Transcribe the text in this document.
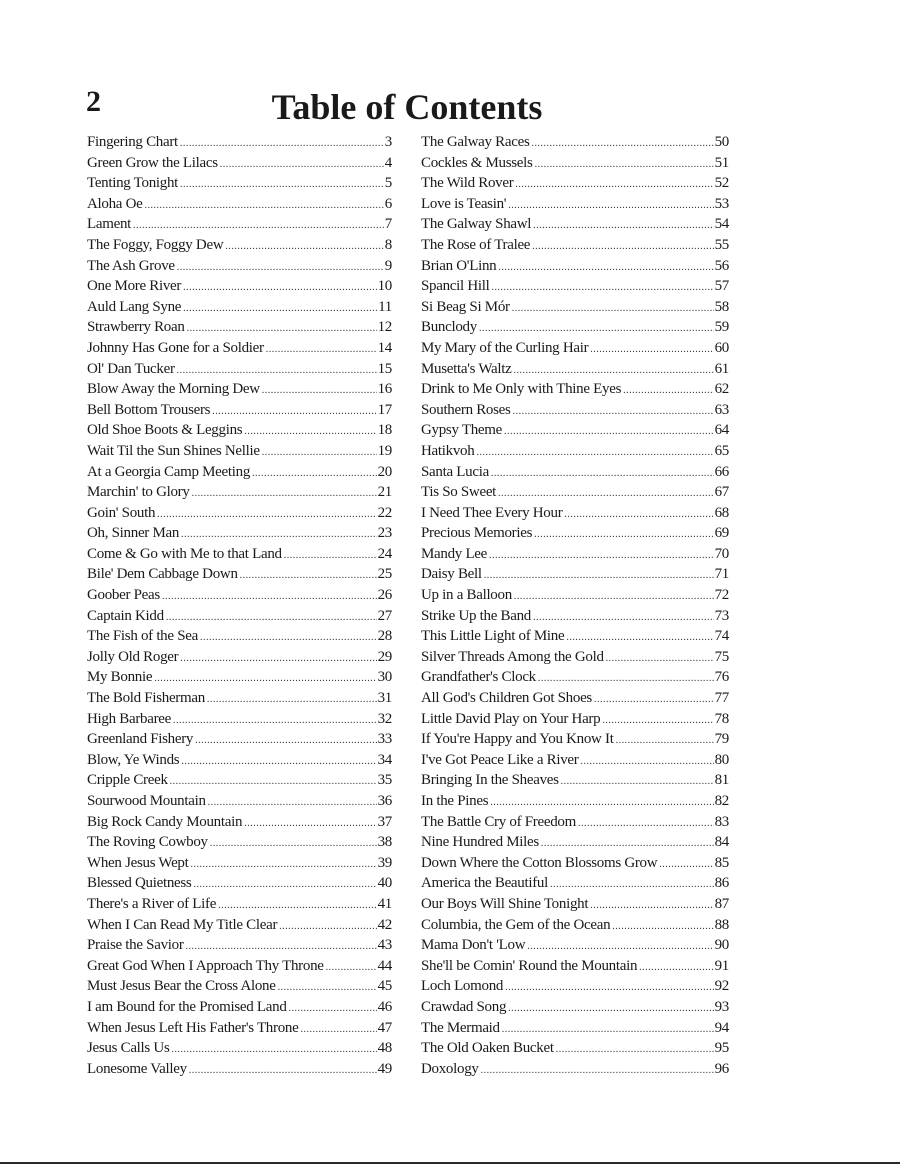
2	Table of Contents
Fingering Chart .....	3
Green Grow the Lilacs .....	4
Tenting Tonight .....	5
Aloha Oe .....	6
Lament .....	7
The Foggy, Foggy Dew .....	8
The Ash Grove .....	9
One More River .....	10
Auld Lang Syne .....	11
Strawberry Roan .....	12
Johnny Has Gone for a Soldier .....	14
Ol' Dan Tucker .....	15
Blow Away the Morning Dew .....	16
Bell Bottom Trousers .....	17
Old Shoe Boots & Leggins .....	18
Wait Til the Sun Shines Nellie .....	19
At a Georgia Camp Meeting .....	20
Marchin' to Glory .....	21
Goin' South .....	22
Oh, Sinner Man .....	23
Come & Go with Me to that Land .....	24
Bile' Dem Cabbage Down .....	25
Goober Peas .....	26
Captain Kidd .....	27
The Fish of the Sea .....	28
Jolly Old Roger .....	29
My Bonnie .....	30
The Bold Fisherman .....	31
High Barbaree .....	32
Greenland Fishery .....	33
Blow, Ye Winds .....	34
Cripple Creek .....	35
Sourwood Mountain .....	36
Big Rock Candy Mountain .....	37
The Roving Cowboy .....	38
When Jesus Wept .....	39
Blessed Quietness .....	40
There's a River of Life .....	41
When I Can Read My Title Clear .....	42
Praise the Savior .....	43
Great God When I Approach Thy Throne .....	44
Must Jesus Bear the Cross Alone .....	45
I am Bound for the Promised Land .....	46
When Jesus Left His Father's Throne .....	47
Jesus Calls Us .....	48
Lonesome Valley .....	49
The Galway Races .....	50
Cockles & Mussels .....	51
The Wild Rover .....	52
Love is Teasin' .....	53
The Galway Shawl .....	54
The Rose of Tralee .....	55
Brian O'Linn .....	56
Spancil Hill .....	57
Si Beag Si Mór .....	58
Bunclody .....	59
My Mary of the Curling Hair .....	60
Musetta's Waltz .....	61
Drink to Me Only with Thine Eyes .....	62
Southern Roses .....	63
Gypsy Theme .....	64
Hatikvoh .....	65
Santa Lucia .....	66
Tis So Sweet .....	67
I Need Thee Every Hour .....	68
Precious Memories .....	69
Mandy Lee .....	70
Daisy Bell .....	71
Up in a Balloon .....	72
Strike Up the Band .....	73
This Little Light of Mine .....	74
Silver Threads Among the Gold .....	75
Grandfather's Clock .....	76
All God's Children Got Shoes .....	77
Little David Play on Your Harp .....	78
If You're Happy and You Know It .....	79
I've Got Peace Like a River .....	80
Bringing In the Sheaves .....	81
In the Pines .....	82
The Battle Cry of Freedom .....	83
Nine Hundred Miles .....	84
Down Where the Cotton Blossoms Grow .....	85
America the Beautiful .....	86
Our Boys Will Shine Tonight .....	87
Columbia, the Gem of the Ocean .....	88
Mama Don't 'Low .....	90
She'll be Comin' Round the Mountain .....	91
Loch Lomond .....	92
Crawdad Song .....	93
The Mermaid .....	94
The Old Oaken Bucket .....	95
Doxology .....	96
